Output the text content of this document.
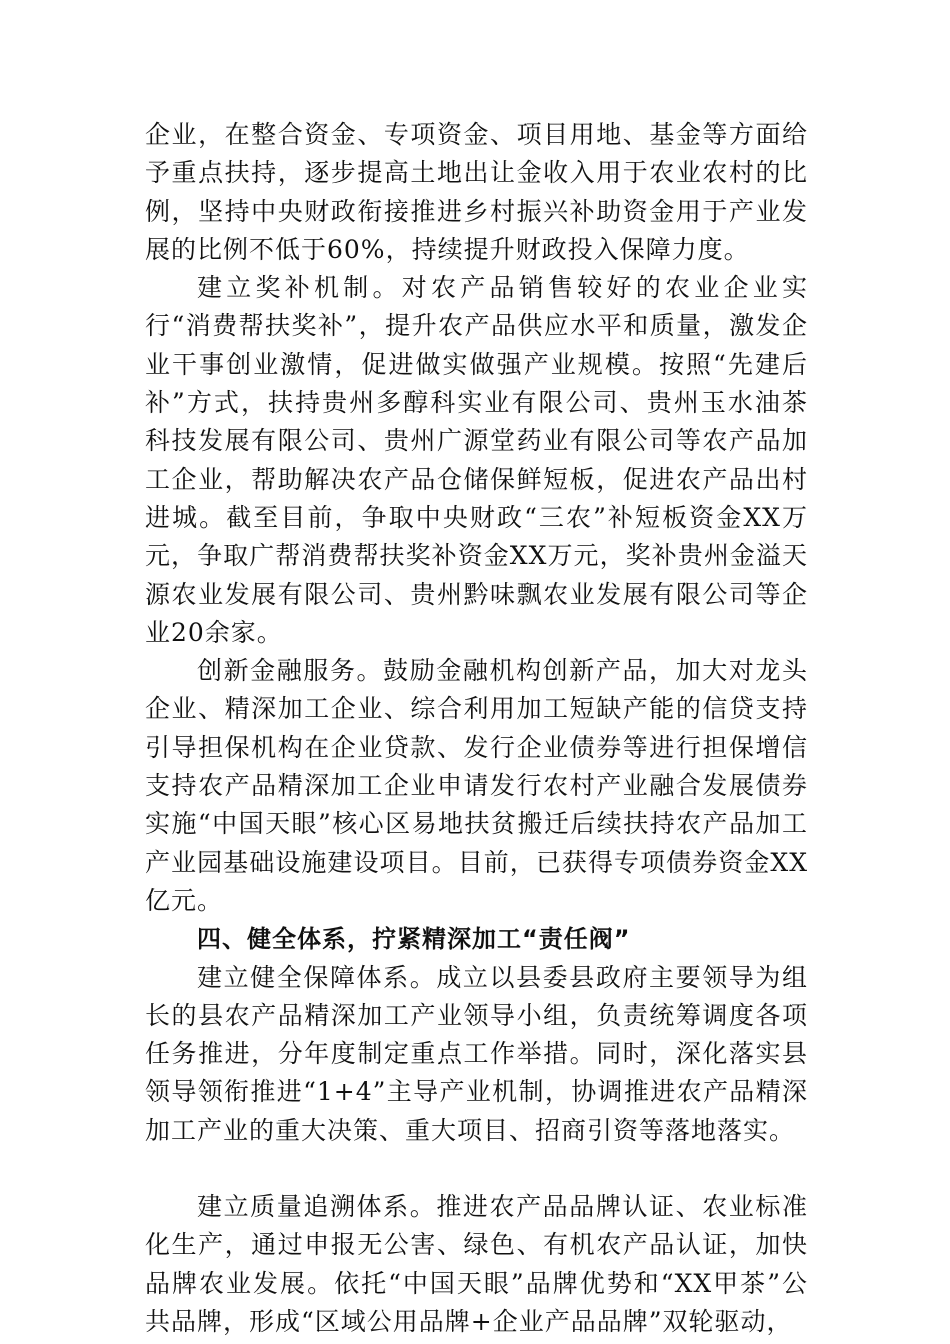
企业，在整合资金、专项资金、项目用地、基金等方面给予重点扶持，逐步提高土地出让金收入用于农业农村的比例，坚持中央财政衔接推进乡村振兴补助资金用于产业发展的比例不低于60%，持续提升财政投入保障力度。

建立奖补机制。对农产品销售较好的农业企业实行“消费帮扶奖补”，提升农产品供应水平和质量，激发企业干事创业激情，促进做实做强产业规模。按照“先建后补”方式，扶持贵州多醇科实业有限公司、贵州玉水油茶科技发展有限公司、贵州广源堂药业有限公司等农产品加工企业，帮助解决农产品仓储保鲜短板，促进农产品出村进城。截至目前，争取中央财政“三农”补短板资金XX万元，争取广帮消费帮扶奖补资金XX万元，奖补贵州金溢天源农业发展有限公司、贵州黔味飘农业发展有限公司等企业20余家。

创新金融服务。鼓励金融机构创新产品，加大对龙头企业、精深加工企业、综合利用加工短缺产能的信贷支持引导担保机构在企业贷款、发行企业债券等进行担保增信支持农产品精深加工企业申请发行农村产业融合发展债券实施“中国天眼”核心区易地扶贫搬迁后续扶持农产品加工产业园基础设施建设项目。目前，已获得专项债券资金XX亿元。

四、健全体系，拧紧精深加工“责任阀”

建立健全保障体系。成立以县委县政府主要领导为组长的县农产品精深加工产业领导小组，负责统筹调度各项任务推进，分年度制定重点工作举措。同时，深化落实县领导领衔推进“1+4”主导产业机制，协调推进农产品精深加工产业的重大决策、重大项目、招商引资等落地落实。

建立质量追溯体系。推进农产品品牌认证、农业标准化生产，通过申报无公害、绿色、有机农产品认证，加快品牌农业发展。依托“中国天眼”品牌优势和“XX甲茶”公共品牌，形成“区域公用品牌+企业产品品牌”双轮驱动，
